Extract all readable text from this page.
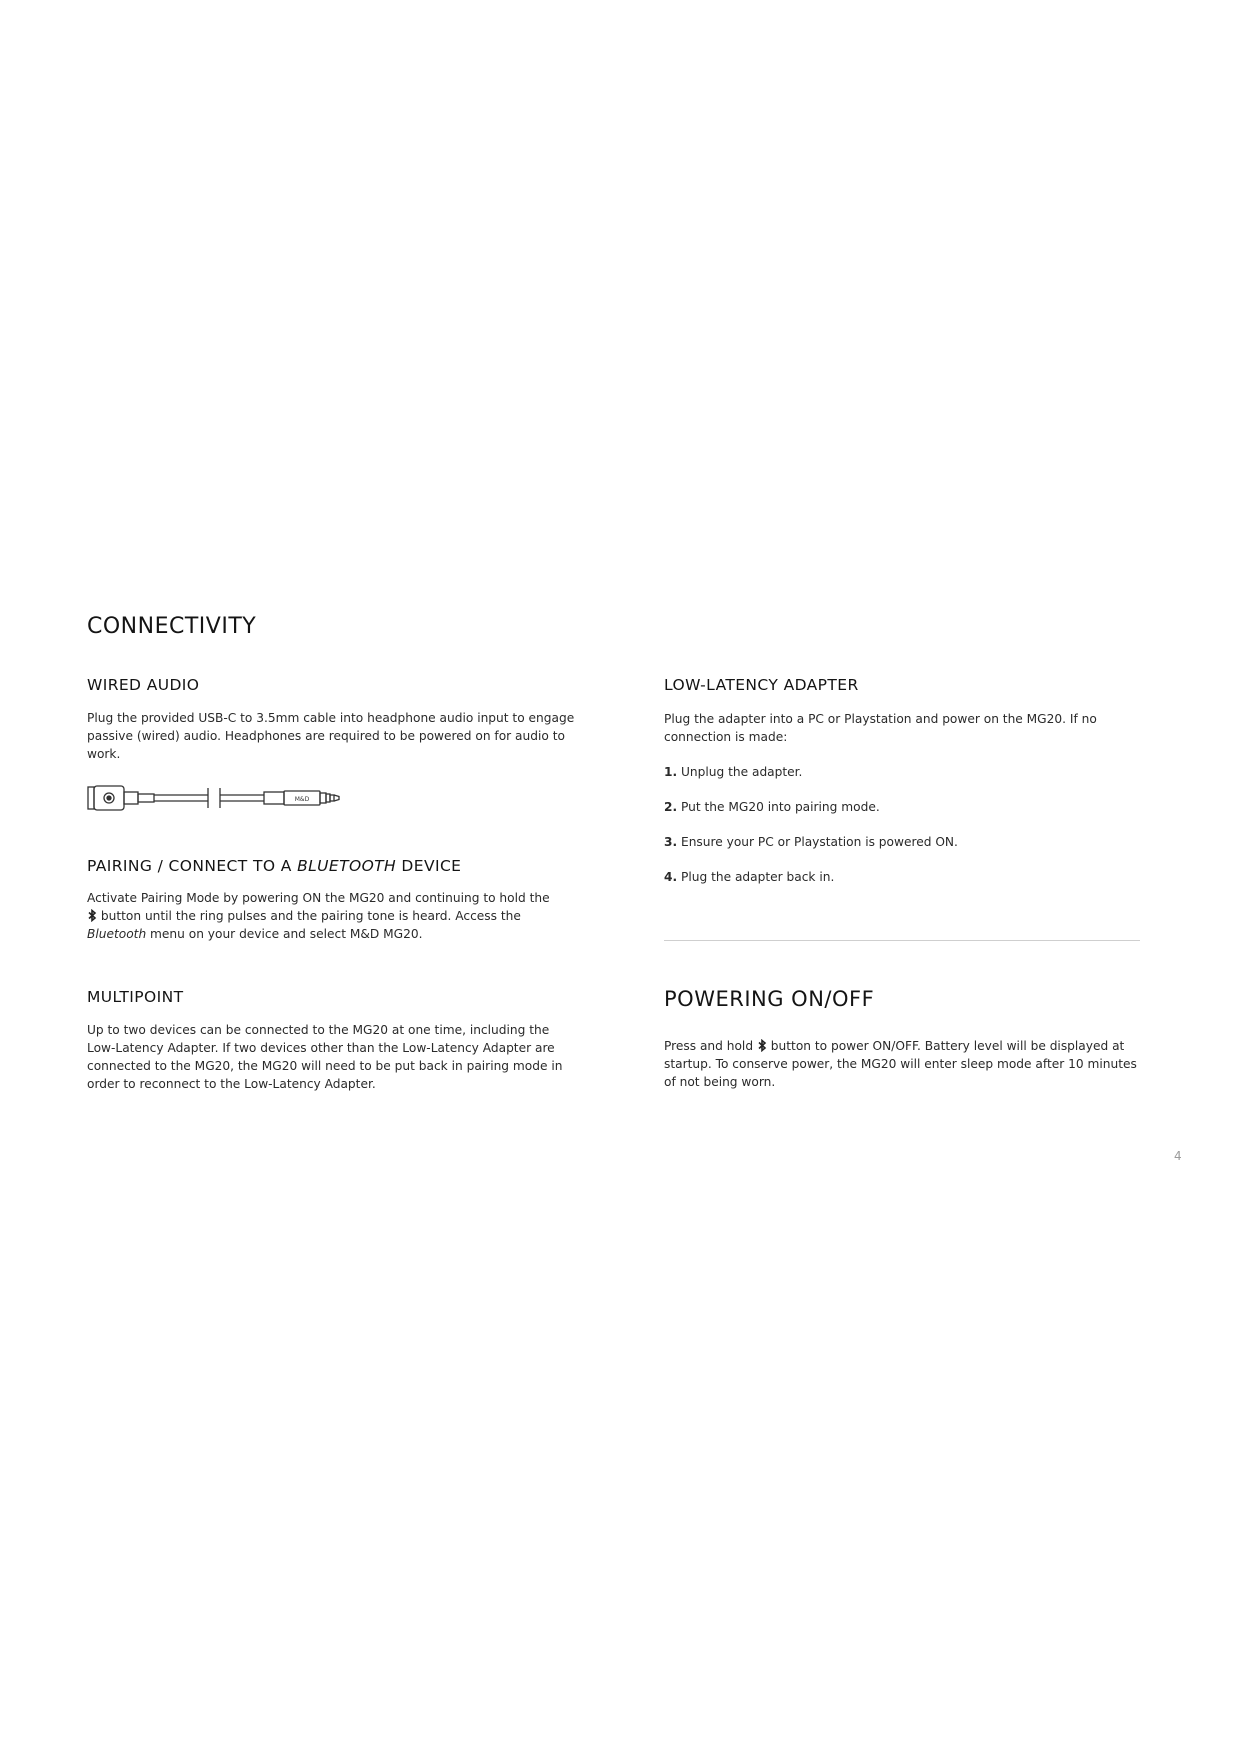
CONNECTIVITY
WIRED AUDIO
Plug the provided USB-C to 3.5mm cable into headphone audio input to engage passive (wired) audio. Headphones are required to be powered on for audio to work.
M&D
PAIRING / CONNECT TO A BLUETOOTH DEVICE
Activate Pairing Mode by powering ON the MG20 and continuing to hold the
button until the ring pulses and the pairing tone is heard. Access the
Bluetooth menu on your device and select M&D MG20.
MULTIPOINT
Up to two devices can be connected to the MG20 at one time, including the Low-Latency Adapter. If two devices other than the Low-Latency Adapter are connected to the MG20, the MG20 will need to be put back in pairing mode in order to reconnect to the Low-Latency Adapter.
LOW-LATENCY ADAPTER
Plug the adapter into a PC or Playstation and power on the MG20. If no connection is made:
1. Unplug the adapter.
2. Put the MG20 into pairing mode.
3. Ensure your PC or Playstation is powered ON.
4. Plug the adapter back in.
POWERING ON/OFF
Press and hold  button to power ON/OFF. Battery level will be displayed at startup. To conserve power, the MG20 will enter sleep mode after 10 minutes of not being worn.
4
